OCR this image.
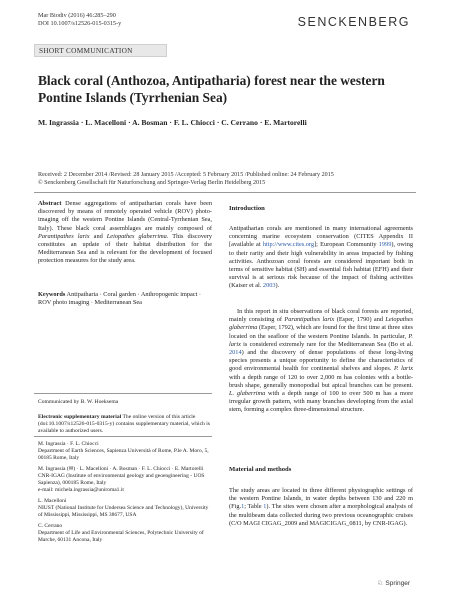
Mar Biodiv (2016) 46:285–290
DOI 10.1007/s12526-015-0315-y	SENCKENBERG
SHORT COMMUNICATION
Black coral (Anthozoa, Antipatharia) forest near the western Pontine Islands (Tyrrhenian Sea)
M. Ingrassia · L. Macelloni · A. Bosman · F. L. Chiocci · C. Cerrano · E. Martorelli
Received: 2 December 2014 /Revised: 28 January 2015 /Accepted: 5 February 2015 /Published online: 24 February 2015
© Senckenberg Gesellschaft für Naturforschung and Springer-Verlag Berlin Heidelberg 2015

Abstract Dense aggregations of antipatharian corals have been discovered by means of remotely operated vehicle (ROV) photo-imaging off the western Pontine Islands (Central-Tyrrhenian Sea, Italy). These black coral assemblages are mainly composed of Parantipathes larix and Leiopathes glaberrima. This discovery constitutes an update of their habitat distribution for the Mediterranean Sea and is relevant for the development of focused protection measures for the study area.

Keywords Antipatharia · Coral garden · Anthropogenic impact · ROV photo imaging · Mediterranean Sea

Communicated by B. W. Hoeksema
Electronic supplementary material The online version of this article (doi:10.1007/s12526-015-0315-y) contains supplementary material, which is available to authorized users.

M. Ingrassia · F. L. Chiocci
Department of Earth Sciences, Sapienza Università of Rome, P.le A. Moro, 5, 00185 Rome, Italy

M. Ingrassia (✉) · L. Macelloni · A. Bosman · F. L. Chiocci · E. Martorelli
CNR-IGAG (Institute of environmental geology and geoengineering - UOS Sapienza), 000185 Rome, Italy
e-mail: michela.ingrassia@uniroma1.it

L. Macelloni
NIUST (National Institute for Undersea Science and Technology), University of Mississippi, Mississippi, MS 38677, USA

C. Cerrano
Department of Life and Environmental Sciences, Polytechnic University of Marche, 60131 Ancona, Italy

Introduction

Antipatharian corals are mentioned in many international agreements concerning marine ecosystem conservation (CITES Appendix II [available at http://www.cites.org]; European Community 1999), owing to their rarity and their high vulnerability in areas impacted by fishing activities. Anthozoan coral forests are considered important both in terms of sensitive habitat (SH) and essential fish habitat (EFH) and their survival is at serious risk because of the impact of fishing activities (Kaiser et al. 2003).

In this report in situ observations of black coral forests are reported, mainly consisting of Parantipathes larix (Esper, 1790) and Leiopathes glaberrima (Esper, 1792), which are found for the first time at three sites located on the seafloor of the western Pontine Islands. In particular, P. larix is considered extremely rare for the Mediterranean Sea (Bo et al. 2014) and the discovery of dense populations of these long-living species presents a unique opportunity to define the characteristics of good environmental health for continental shelves and slopes. P. larix with a depth range of 120 to over 2,000 m has colonies with a bottle-brush shape, generally monopodial but apical branches can be present. L. glaberrima with a depth range of 100 to over 500 m has a more irregular growth pattern, with many branches developing from the axial stem, forming a complex three-dimensional structure.

Material and methods

The study areas are located in three different physiographic settings of the western Pontine Islands, in water depths between 130 and 220 m (Fig.1; Table 1). The sites were chosen after a morphological analysis of the multibeam data collected during two previous oceanographic cruises (C/O MAGI CIGAG_2009 and MAGICIGAG_0811, by CNR-IGAG).

♘ Springer
